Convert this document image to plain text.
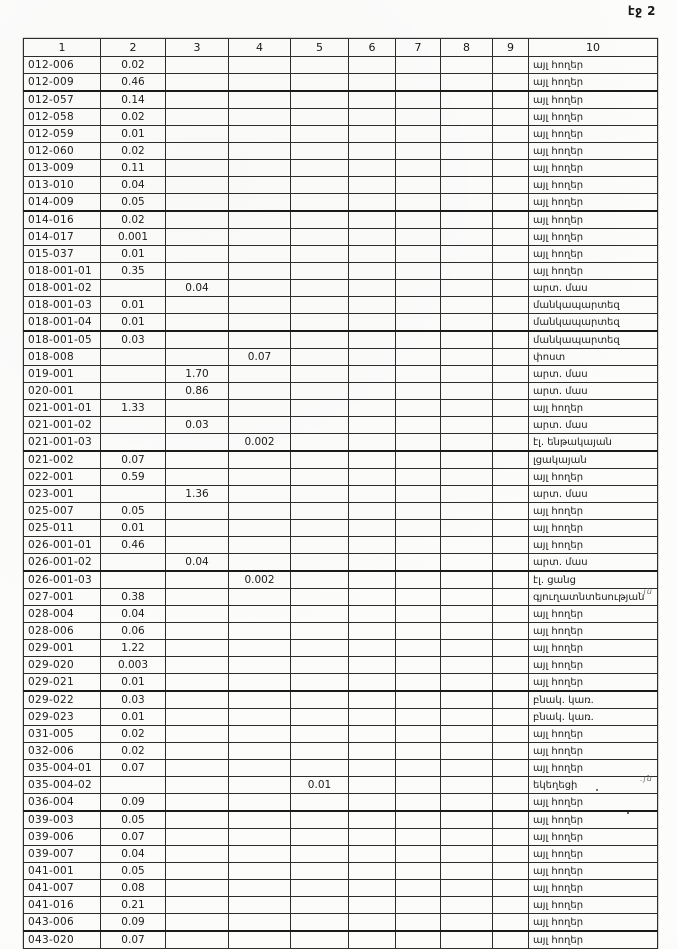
էջ 2
1	2	3	4	5	6	7	8	9	10
012-006	0.02								այլ հողեր
012-009	0.46								այլ հողեր
012-057	0.14								այլ հողեր
012-058	0.02								այլ հողեր
012-059	0.01								այլ հողեր
012-060	0.02								այլ հողեր
013-009	0.11								այլ հողեր
013-010	0.04								այլ հողեր
014-009	0.05								այլ հողեր
014-016	0.02								այլ հողեր
014-017	0.001								այլ հողեր
015-037	0.01								այլ հողեր
018-001-01	0.35								այլ հողեր
018-001-02		0.04							արտ. մաս
018-001-03	0.01								մանկապարտեզ
018-001-04	0.01								մանկապարտեզ
018-001-05	0.03								մանկապարտեզ
018-008			0.07						փոստ
019-001		1.70							արտ. մաս
020-001		0.86							արտ. մաս
021-001-01	1.33								այլ հողեր
021-001-02		0.03							արտ. մաս
021-001-03			0.002						էլ. ենթակայան
021-002	0.07								լցակայան
022-001	0.59								այլ հողեր
023-001		1.36							արտ. մաս
025-007	0.05								այլ հողեր
025-011	0.01								այլ հողեր
026-001-01	0.46								այլ հողեր
026-001-02		0.04							արտ. մաս
026-001-03			0.002						էլ. ցանց
027-001	0.38								գյուղատնտեսության
028-004	0.04								այլ հողեր
028-006	0.06								այլ հողեր
029-001	1.22								այլ հողեր
029-020	0.003								այլ հողեր
029-021	0.01								այլ հողեր
029-022	0.03								բնակ. կառ.
029-023	0.01								բնակ. կառ.
031-005	0.02								այլ հողեր
032-006	0.02								այլ հողեր
035-004-01	0.07								այլ հողեր
035-004-02				0.01					եկեղեցի
036-004	0.09								այլ հողեր
039-003	0.05								այլ հողեր
039-006	0.07								այլ հողեր
039-007	0.04								այլ հողեր
041-001	0.05								այլ հողեր
041-007	0.08								այլ հողեր
041-016	0.21								այլ հողեր
043-006	0.09								այլ հողեր
043-020	0.07								այլ հողեր
.յն
.յն
